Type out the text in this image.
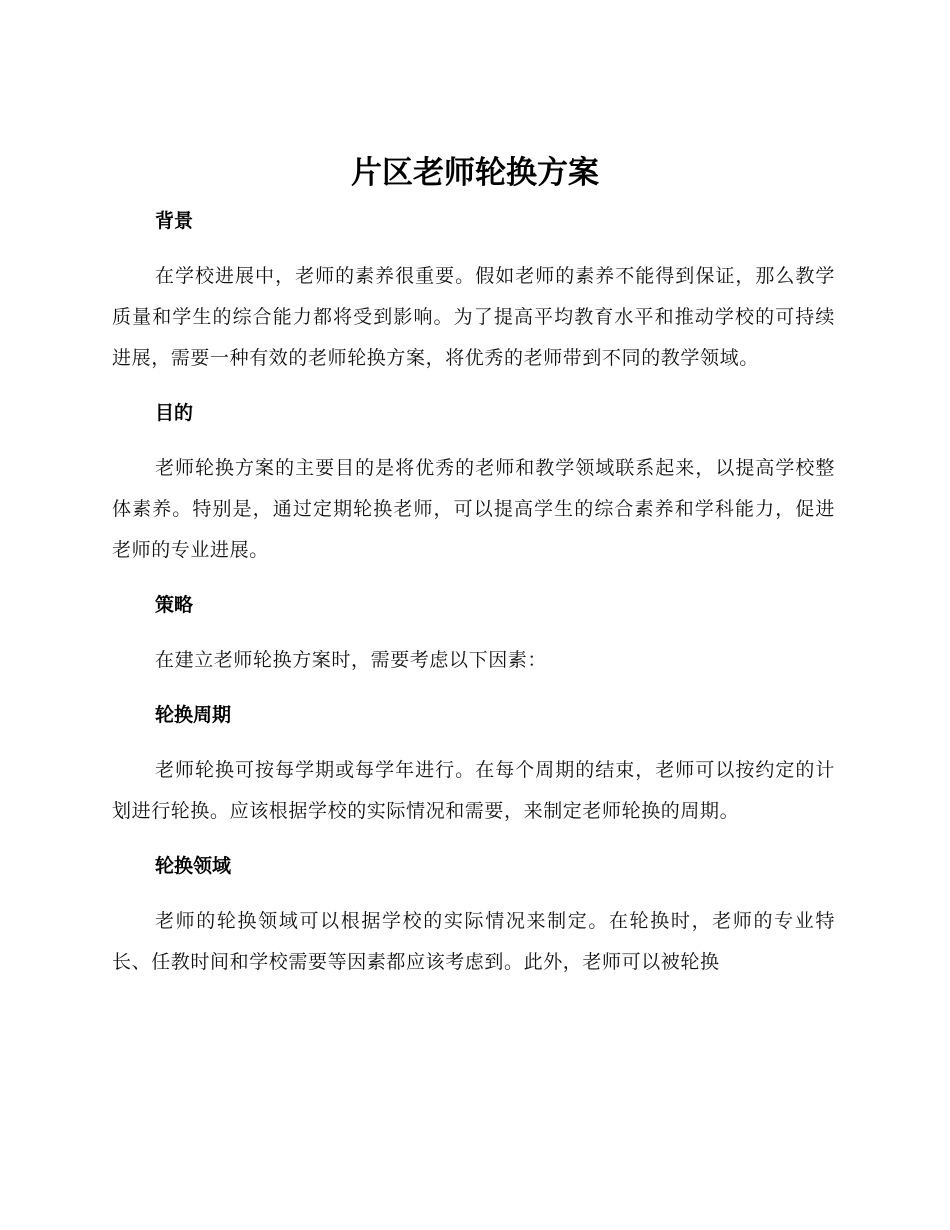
片区老师轮换方案
背景

在学校进展中，老师的素养很重要。假如老师的素养不能得到保证，那么教学质量和学生的综合能力都将受到影响。为了提高平均教育水平和推动学校的可持续进展，需要一种有效的老师轮换方案，将优秀的老师带到不同的教学领域。

目的

老师轮换方案的主要目的是将优秀的老师和教学领域联系起来，以提高学校整体素养。特别是，通过定期轮换老师，可以提高学生的综合素养和学科能力，促进老师的专业进展。

策略

在建立老师轮换方案时，需要考虑以下因素：

轮换周期

老师轮换可按每学期或每学年进行。在每个周期的结束，老师可以按约定的计划进行轮换。应该根据学校的实际情况和需要，来制定老师轮换的周期。

轮换领域

老师的轮换领域可以根据学校的实际情况来制定。在轮换时，老师的专业特长、任教时间和学校需要等因素都应该考虑到。此外，老师可以被轮换
